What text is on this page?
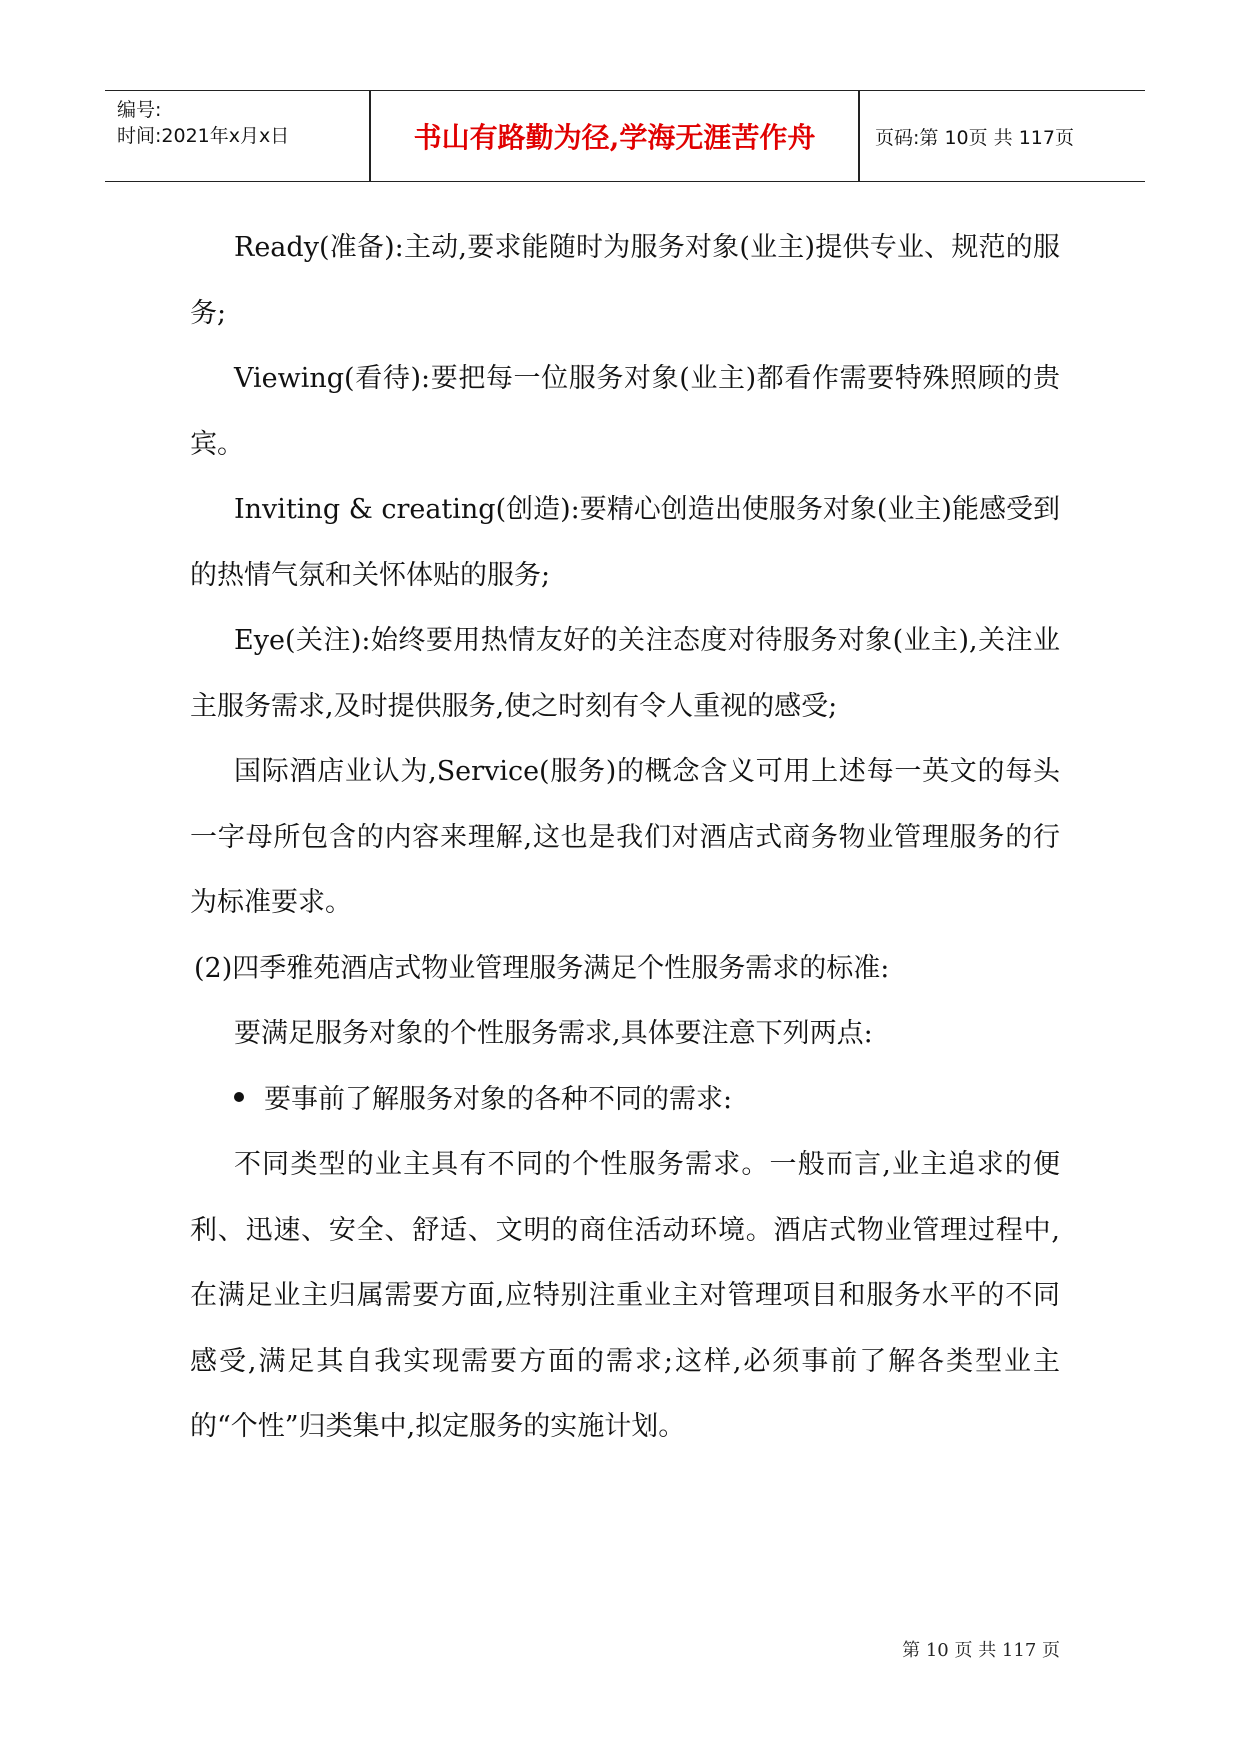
编号:
时间:2021年x月x日	书山有路勤为径,学海无涯苦作舟	页码:第 10页 共 117页

Ready(准备):主动,要求能随时为服务对象(业主)提供专业、规范的服务;

Viewing(看待):要把每一位服务对象(业主)都看作需要特殊照顾的贵宾。

Inviting & creating(创造):要精心创造出使服务对象(业主)能感受到的热情气氛和关怀体贴的服务;

Eye(关注):始终要用热情友好的关注态度对待服务对象(业主),关注业主服务需求,及时提供服务,使之时刻有令人重视的感受;

国际酒店业认为,Service(服务)的概念含义可用上述每一英文的每头一字母所包含的内容来理解,这也是我们对酒店式商务物业管理服务的行为标准要求。

(2)四季雅苑酒店式物业管理服务满足个性服务需求的标准:

要满足服务对象的个性服务需求,具体要注意下列两点:

要事前了解服务对象的各种不同的需求:

不同类型的业主具有不同的个性服务需求。一般而言,业主追求的便利、迅速、安全、舒适、文明的商住活动环境。酒店式物业管理过程中,在满足业主归属需要方面,应特别注重业主对管理项目和服务水平的不同感受,满足其自我实现需要方面的需求;这样,必须事前了解各类型业主的“个性”归类集中,拟定服务的实施计划。

第 10 页 共 117 页
